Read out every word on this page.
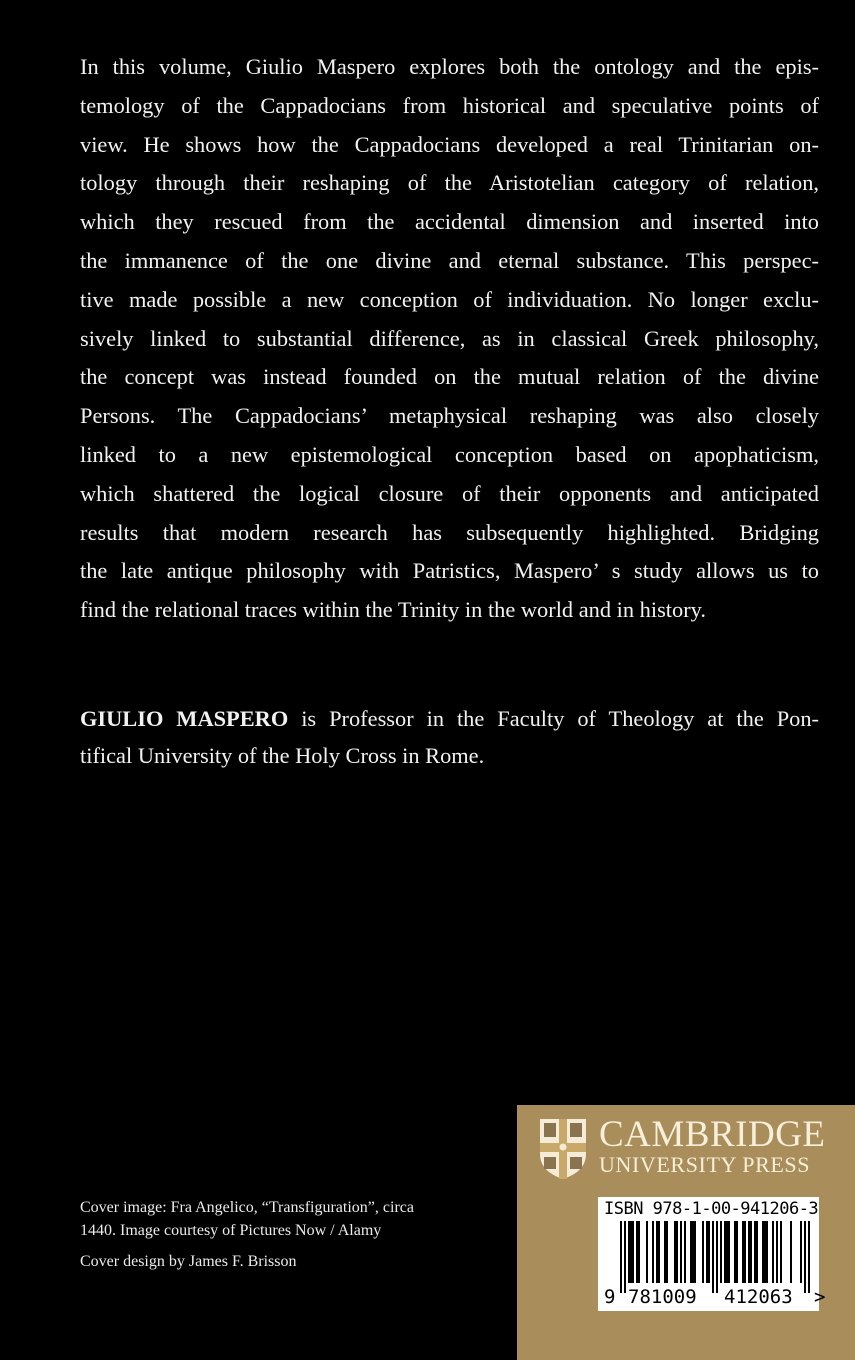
In this volume, Giulio Maspero explores both the ontology and the epis-
temology of the Cappadocians from historical and speculative points of
view. He shows how the Cappadocians developed a real Trinitarian on-
tology through their reshaping of the Aristotelian category of relation,
which they rescued from the accidental dimension and inserted into
the immanence of the one divine and eternal substance. This perspec-
tive made possible a new conception of individuation. No longer exclu-
sively linked to substantial difference, as in classical Greek philosophy,
the concept was instead founded on the mutual relation of the divine
Persons. The Cappadocians’ metaphysical reshaping was also closely
linked to a new epistemological conception based on apophaticism,
which shattered the logical closure of their opponents and anticipated
results that modern research has subsequently highlighted. Bridging
the late antique philosophy with Patristics, Maspero’ s study allows us to
find the relational traces within the Trinity in the world and in history.
GIULIO MASPERO is Professor in the Faculty of Theology at the Pon-
tifical University of the Holy Cross in Rome.
Cover image: Fra Angelico, “Transfiguration”, circa
1440. Image courtesy of Pictures Now / Alamy
Cover design by James F. Brisson
CAMBRIDGE
UNIVERSITY PRESS
9 781009 412063 >
ISBN 978-1-00-941206-3
